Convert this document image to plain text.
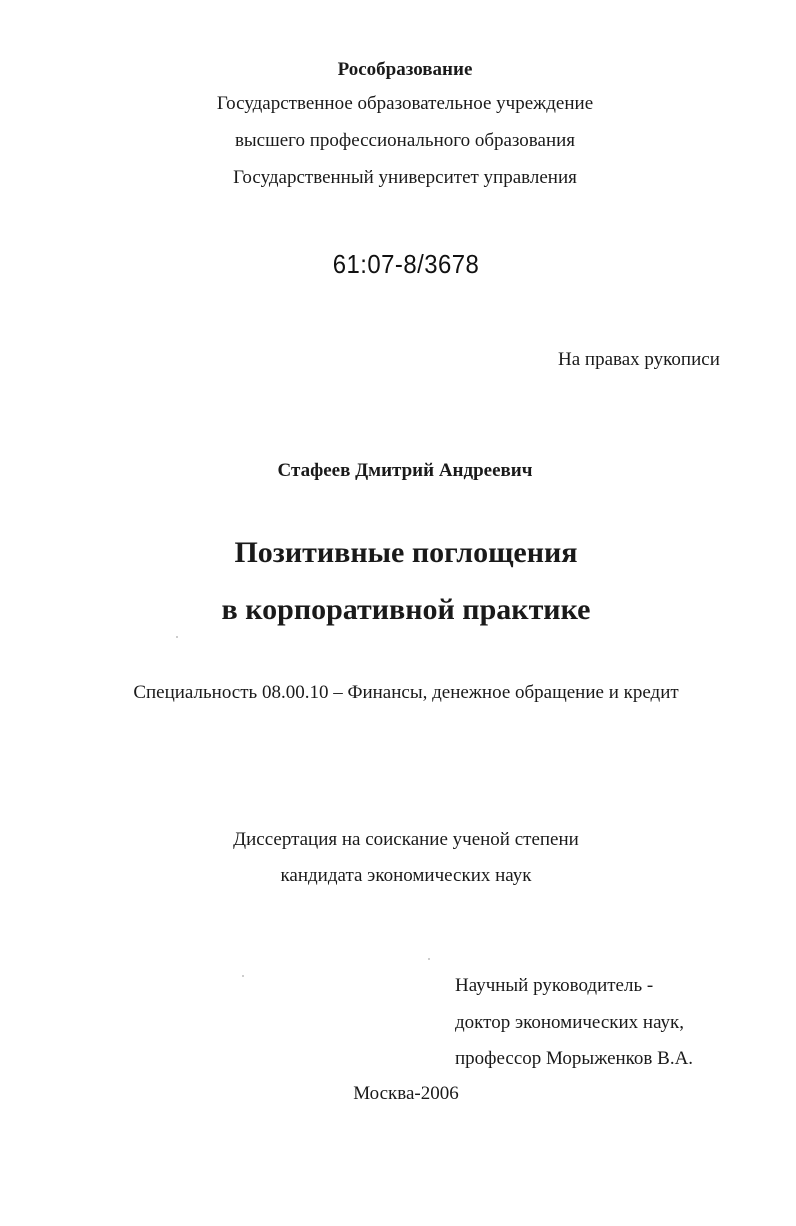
Рособразование
Государственное образовательное учреждение
высшего профессионального образования
Государственный университет управления
61:07-8/3678
На правах рукописи
Стафеев Дмитрий Андреевич
Позитивные поглощения
в корпоративной практике
Специальность 08.00.10 – Финансы, денежное обращение и кредит
Диссертация на соискание ученой степени
кандидата экономических наук
Научный руководитель -
доктор экономических наук,
профессор Морыженков В.А.
Москва-2006
